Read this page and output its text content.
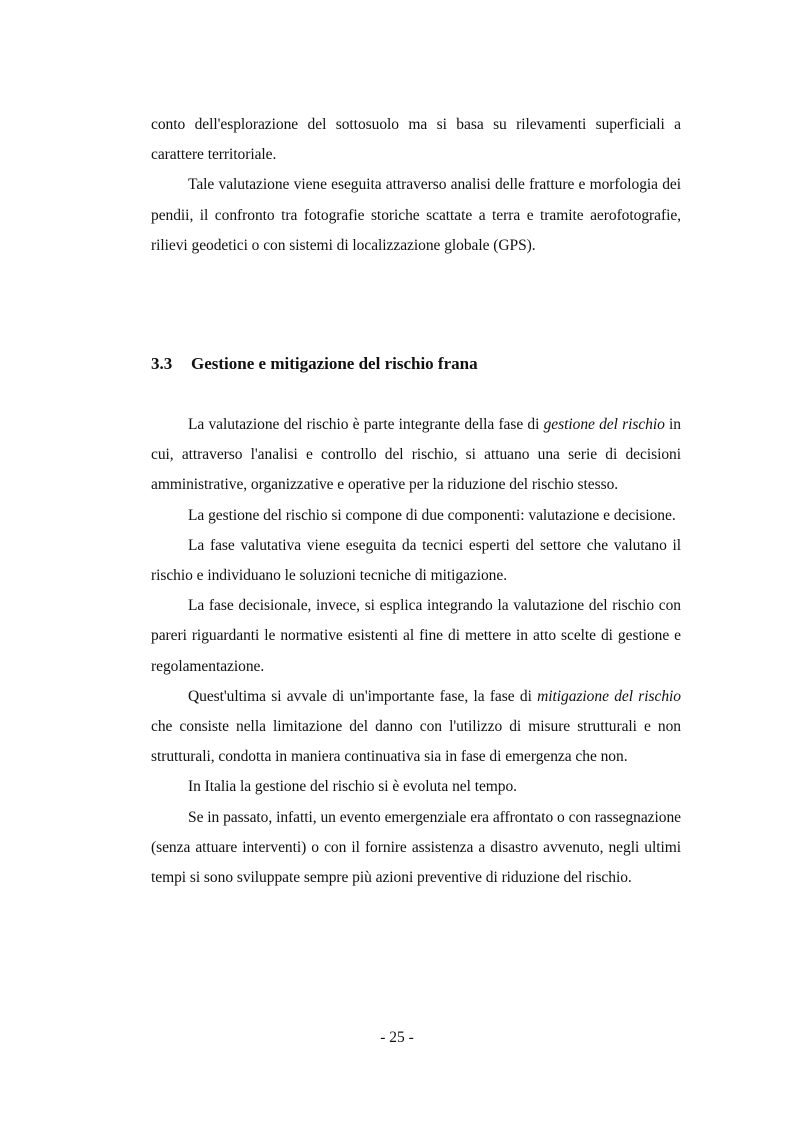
conto dell'esplorazione del sottosuolo ma si basa su rilevamenti superficiali a carattere territoriale.

Tale valutazione viene eseguita attraverso analisi delle fratture e morfologia dei pendii, il confronto tra fotografie storiche scattate a terra e tramite aerofotografie, rilievi geodetici o con sistemi di localizzazione globale (GPS).

3.3 Gestione e mitigazione del rischio frana

La valutazione del rischio è parte integrante della fase di gestione del rischio in cui, attraverso l'analisi e controllo del rischio, si attuano una serie di decisioni amministrative, organizzative e operative per la riduzione del rischio stesso.

La gestione del rischio si compone di due componenti: valutazione e decisione.

La fase valutativa viene eseguita da tecnici esperti del settore che valutano il rischio e individuano le soluzioni tecniche di mitigazione.

La fase decisionale, invece, si esplica integrando la valutazione del rischio con pareri riguardanti le normative esistenti al fine di mettere in atto scelte di gestione e regolamentazione.

Quest'ultima si avvale di un'importante fase, la fase di mitigazione del rischio che consiste nella limitazione del danno con l'utilizzo di misure strutturali e non strutturali, condotta in maniera continuativa sia in fase di emergenza che non.

In Italia la gestione del rischio si è evoluta nel tempo.

Se in passato, infatti, un evento emergenziale era affrontato o con rassegnazione (senza attuare interventi) o con il fornire assistenza a disastro avvenuto, negli ultimi tempi si sono sviluppate sempre più azioni preventive di riduzione del rischio.

- 25 -
